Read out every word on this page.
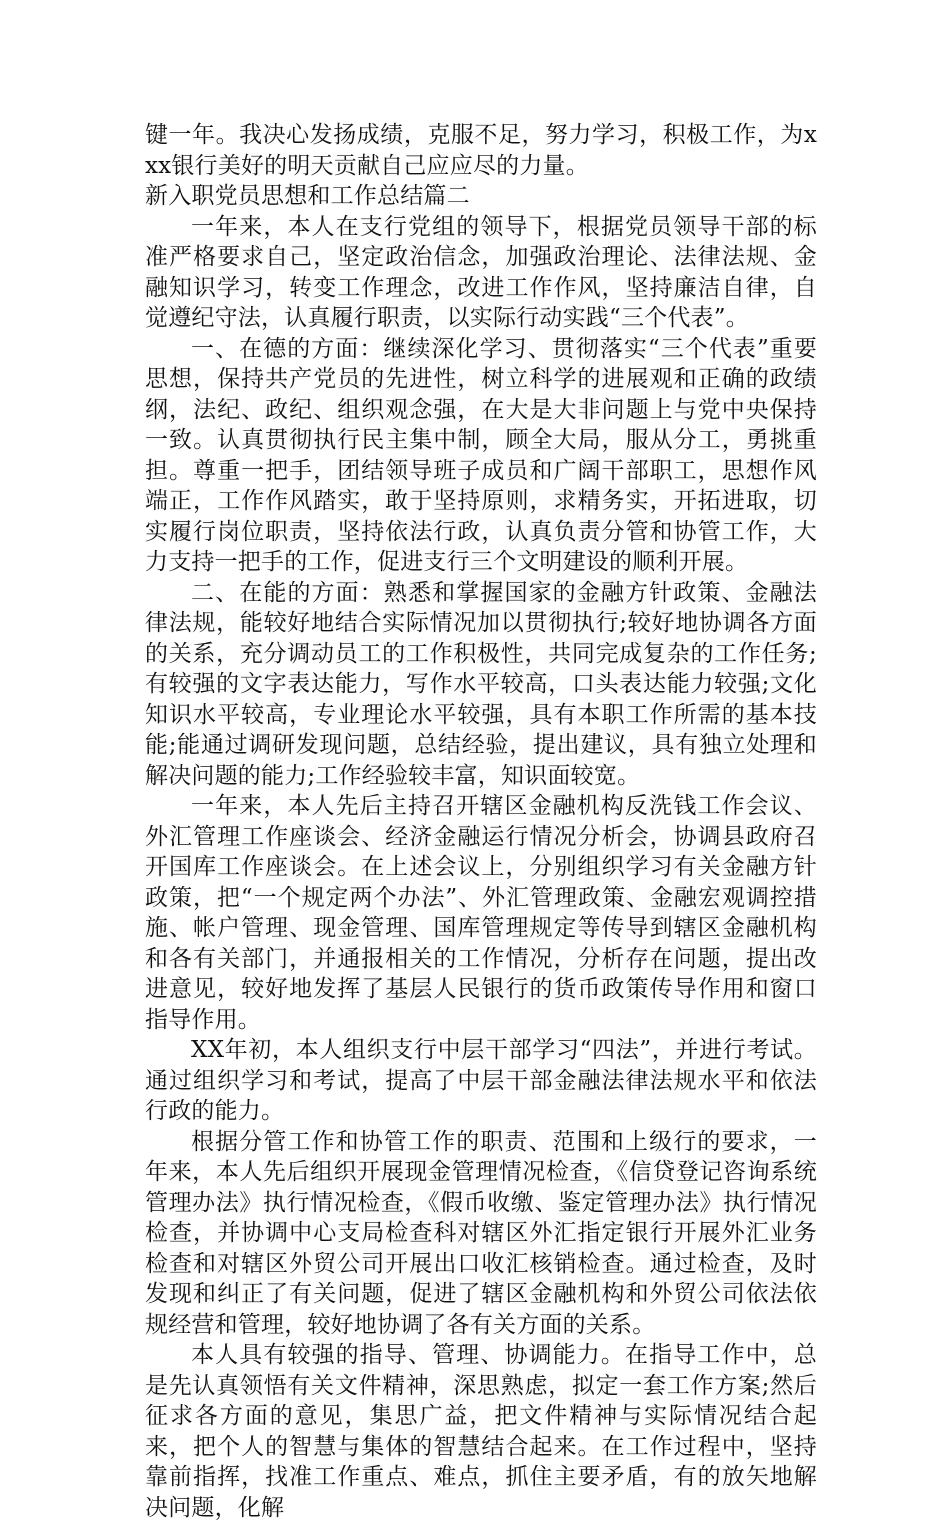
键一年。我决心发扬成绩，克服不足，努力学习，积极工作，为xxx银行美好的明天贡献自己应应尽的力量。

新入职党员思想和工作总结篇二

一年来，本人在支行党组的领导下，根据党员领导干部的标准严格要求自己，坚定政治信念，加强政治理论、法律法规、金融知识学习，转变工作理念，改进工作作风，坚持廉洁自律，自觉遵纪守法，认真履行职责，以实际行动实践“三个代表”。

一、在德的方面：继续深化学习、贯彻落实“三个代表”重要思想，保持共产党员的先进性，树立科学的进展观和正确的政绩纲，法纪、政纪、组织观念强，在大是大非问题上与党中央保持一致。认真贯彻执行民主集中制，顾全大局，服从分工，勇挑重担。尊重一把手，团结领导班子成员和广阔干部职工，思想作风端正，工作作风踏实，敢于坚持原则，求精务实，开拓进取，切实履行岗位职责，坚持依法行政，认真负责分管和协管工作，大力支持一把手的工作，促进支行三个文明建设的顺利开展。

二、在能的方面：熟悉和掌握国家的金融方针政策、金融法律法规，能较好地结合实际情况加以贯彻执行;较好地协调各方面的关系，充分调动员工的工作积极性，共同完成复杂的工作任务;有较强的文字表达能力，写作水平较高，口头表达能力较强;文化知识水平较高，专业理论水平较强，具有本职工作所需的基本技能;能通过调研发现问题，总结经验，提出建议，具有独立处理和解决问题的能力;工作经验较丰富，知识面较宽。

一年来，本人先后主持召开辖区金融机构反洗钱工作会议、外汇管理工作座谈会、经济金融运行情况分析会，协调县政府召开国库工作座谈会。在上述会议上，分别组织学习有关金融方针政策，把“一个规定两个办法”、外汇管理政策、金融宏观调控措施、帐户管理、现金管理、国库管理规定等传导到辖区金融机构和各有关部门，并通报相关的工作情况，分析存在问题，提出改进意见，较好地发挥了基层人民银行的货币政策传导作用和窗口指导作用。

XX年初，本人组织支行中层干部学习“四法”，并进行考试。通过组织学习和考试，提高了中层干部金融法律法规水平和依法行政的能力。

根据分管工作和协管工作的职责、范围和上级行的要求，一年来，本人先后组织开展现金管理情况检查，《信贷登记咨询系统管理办法》执行情况检查，《假币收缴、鉴定管理办法》执行情况检查，并协调中心支局检查科对辖区外汇指定银行开展外汇业务检查和对辖区外贸公司开展出口收汇核销检查。通过检查，及时发现和纠正了有关问题，促进了辖区金融机构和外贸公司依法依规经营和管理，较好地协调了各有关方面的关系。

本人具有较强的指导、管理、协调能力。在指导工作中，总是先认真领悟有关文件精神，深思熟虑，拟定一套工作方案;然后征求各方面的意见，集思广益，把文件精神与实际情况结合起来，把个人的智慧与集体的智慧结合起来。在工作过程中，坚持靠前指挥，找准工作重点、难点，抓住主要矛盾，有的放矢地解决问题，化解
